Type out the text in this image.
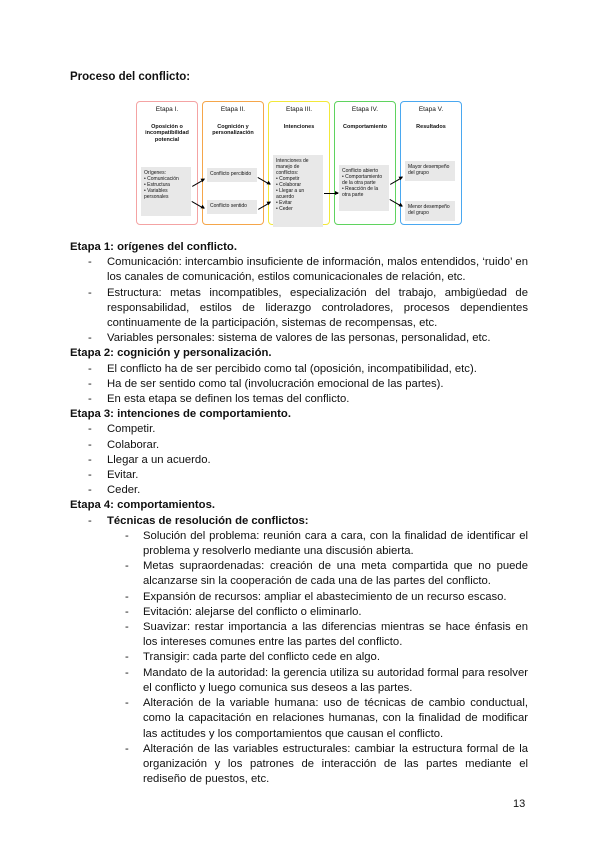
Proceso del conflicto:
Etapa I.
Oposición o incompatibilidad potencial
Etapa II.
Cognición y personalización
Etapa III.
Intenciones
Etapa IV.
Comportamiento
Etapa V.
Resultados
Orígenes:
• Comunicación
• Estructura
• Variables personales
Conflicto percibido
Conflicto sentido
Intenciones de manejo de conflictos:
• Competir
• Colaborar
• Llegar a un acuerdo
• Evitar
• Ceder
Conflicto abierto
• Comportamiento de la otra parte
• Reacción de la otra parte
Mayor desempeño del grupo
Menor desempeño del grupo
Etapa 1: orígenes del conflicto.
- Comunicación: intercambio insuficiente de información, malos entendidos, ‘ruido’ en los canales de comunicación, estilos comunicacionales de relación, etc.
- Estructura: metas incompatibles, especialización del trabajo, ambigüedad de responsabilidad, estilos de liderazgo controladores, procesos dependientes continuamente de la participación, sistemas de recompensas, etc.
- Variables personales: sistema de valores de las personas, personalidad, etc.
Etapa 2: cognición y personalización.
- El conflicto ha de ser percibido como tal (oposición, incompatibilidad, etc).
- Ha de ser sentido como tal (involucración emocional de las partes).
- En esta etapa se definen los temas del conflicto.
Etapa 3: intenciones de comportamiento.
- Competir.
- Colaborar.
- Llegar a un acuerdo.
- Evitar.
- Ceder.
Etapa 4: comportamientos.
- Técnicas de resolución de conflictos:
- Solución del problema: reunión cara a cara, con la finalidad de identificar el problema y resolverlo mediante una discusión abierta.
- Metas supraordenadas: creación de una meta compartida que no puede alcanzarse sin la cooperación de cada una de las partes del conflicto.
- Expansión de recursos: ampliar el abastecimiento de un recurso escaso.
- Evitación: alejarse del conflicto o eliminarlo.
- Suavizar: restar importancia a las diferencias mientras se hace énfasis en los intereses comunes entre las partes del conflicto.
- Transigir: cada parte del conflicto cede en algo.
- Mandato de la autoridad: la gerencia utiliza su autoridad formal para resolver el conflicto y luego comunica sus deseos a las partes.
- Alteración de la variable humana: uso de técnicas de cambio conductual, como la capacitación en relaciones humanas, con la finalidad de modificar las actitudes y los comportamientos que causan el conflicto.
- Alteración de las variables estructurales: cambiar la estructura formal de la organización y los patrones de interacción de las partes mediante el rediseño de puestos, etc.
13
